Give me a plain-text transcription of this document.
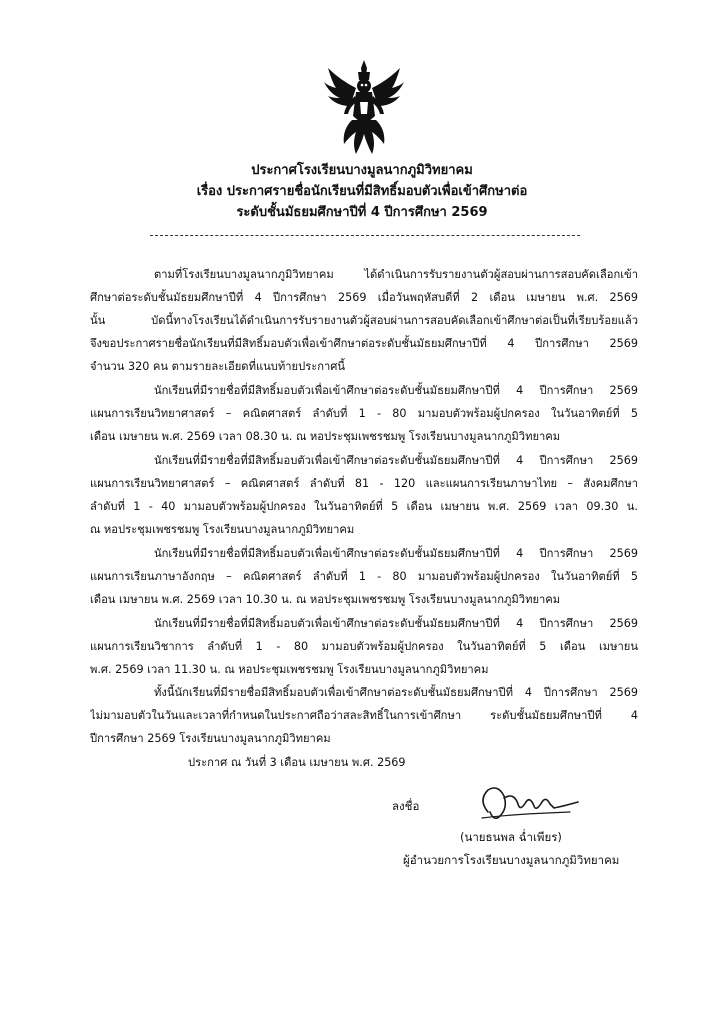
ประกาศโรงเรียนบางมูลนากภูมิวิทยาคม
เรื่อง ประกาศรายชื่อนักเรียนที่มีสิทธิ์มอบตัวเพื่อเข้าศึกษาต่อ
ระดับชั้นมัธยมศึกษาปีที่ 4 ปีการศึกษา 2569
ตามที่โรงเรียนบางมูลนากภูมิวิทยาคม ได้ดำเนินการรับรายงานตัวผู้สอบผ่านการสอบคัดเลือกเข้า
ศึกษาต่อระดับชั้นมัธยมศึกษาปีที่ 4 ปีการศึกษา 2569 เมื่อวันพฤหัสบดีที่ 2 เดือน เมษายน พ.ศ. 2569
นั้น บัดนี้ทางโรงเรียนได้ดำเนินการรับรายงานตัวผู้สอบผ่านการสอบคัดเลือกเข้าศึกษาต่อเป็นที่เรียบร้อยแล้ว
จึงขอประกาศรายชื่อนักเรียนที่มีสิทธิ์มอบตัวเพื่อเข้าศึกษาต่อระดับชั้นมัธยมศึกษาปีที่ 4 ปีการศึกษา 2569
จำนวน 320 คน ตามรายละเอียดที่แนบท้ายประกาศนี้
นักเรียนที่มีรายชื่อที่มีสิทธิ์มอบตัวเพื่อเข้าศึกษาต่อระดับชั้นมัธยมศึกษาปีที่ 4 ปีการศึกษา 2569
แผนการเรียนวิทยาศาสตร์ – คณิตศาสตร์ ลำดับที่ 1 - 80 มามอบตัวพร้อมผู้ปกครอง ในวันอาทิตย์ที่ 5
เดือน เมษายน พ.ศ. 2569 เวลา 08.30 น. ณ หอประชุมเพชรชมพู โรงเรียนบางมูลนากภูมิวิทยาคม
นักเรียนที่มีรายชื่อที่มีสิทธิ์มอบตัวเพื่อเข้าศึกษาต่อระดับชั้นมัธยมศึกษาปีที่ 4 ปีการศึกษา 2569
แผนการเรียนวิทยาศาสตร์ – คณิตศาสตร์ ลำดับที่ 81 - 120 และแผนการเรียนภาษาไทย – สังคมศึกษา
ลำดับที่ 1 - 40 มามอบตัวพร้อมผู้ปกครอง ในวันอาทิตย์ที่ 5 เดือน เมษายน พ.ศ. 2569 เวลา 09.30 น.
ณ หอประชุมเพชรชมพู โรงเรียนบางมูลนากภูมิวิทยาคม
นักเรียนที่มีรายชื่อที่มีสิทธิ์มอบตัวเพื่อเข้าศึกษาต่อระดับชั้นมัธยมศึกษาปีที่ 4 ปีการศึกษา 2569
แผนการเรียนภาษาอังกฤษ – คณิตศาสตร์ ลำดับที่ 1 - 80 มามอบตัวพร้อมผู้ปกครอง ในวันอาทิตย์ที่ 5
เดือน เมษายน พ.ศ. 2569 เวลา 10.30 น. ณ หอประชุมเพชรชมพู โรงเรียนบางมูลนากภูมิวิทยาคม
นักเรียนที่มีรายชื่อที่มีสิทธิ์มอบตัวเพื่อเข้าศึกษาต่อระดับชั้นมัธยมศึกษาปีที่ 4 ปีการศึกษา 2569
แผนการเรียนวิชาการ ลำดับที่ 1 - 80 มามอบตัวพร้อมผู้ปกครอง ในวันอาทิตย์ที่ 5 เดือน เมษายน
พ.ศ. 2569 เวลา 11.30 น. ณ หอประชุมเพชรชมพู โรงเรียนบางมูลนากภูมิวิทยาคม
ทั้งนี้นักเรียนที่มีรายชื่อมีสิทธิ์มอบตัวเพื่อเข้าศึกษาต่อระดับชั้นมัธยมศึกษาปีที่ 4 ปีการศึกษา 2569
ไม่มามอบตัวในวันและเวลาที่กำหนดในประกาศถือว่าสละสิทธิ์ในการเข้าศึกษา ระดับชั้นมัธยมศึกษาปีที่ 4
ปีการศึกษา 2569 โรงเรียนบางมูลนากภูมิวิทยาคม
ประกาศ ณ วันที่ 3 เดือน เมษายน พ.ศ. 2569
ลงชื่อ
(นายธนพล ฉ่ำเพียร)
ผู้อำนวยการโรงเรียนบางมูลนากภูมิวิทยาคม
